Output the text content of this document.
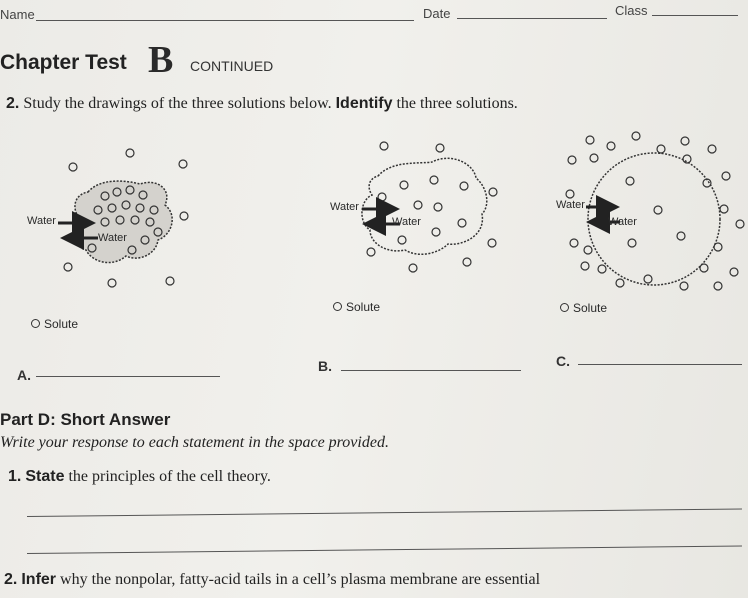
Name	Date	Class
Chapter Test B CONTINUED
2. Study the drawings of the three solutions below. Identify the three solutions.
Water
Water
Water
Water
Water
Water
Solute
Solute	Solute
A.
B.	C.
Part D: Short Answer
Write your response to each statement in the space provided.
1. State the principles of the cell theory.
2. Infer why the nonpolar, fatty-acid tails in a cell’s plasma membrane are essential
